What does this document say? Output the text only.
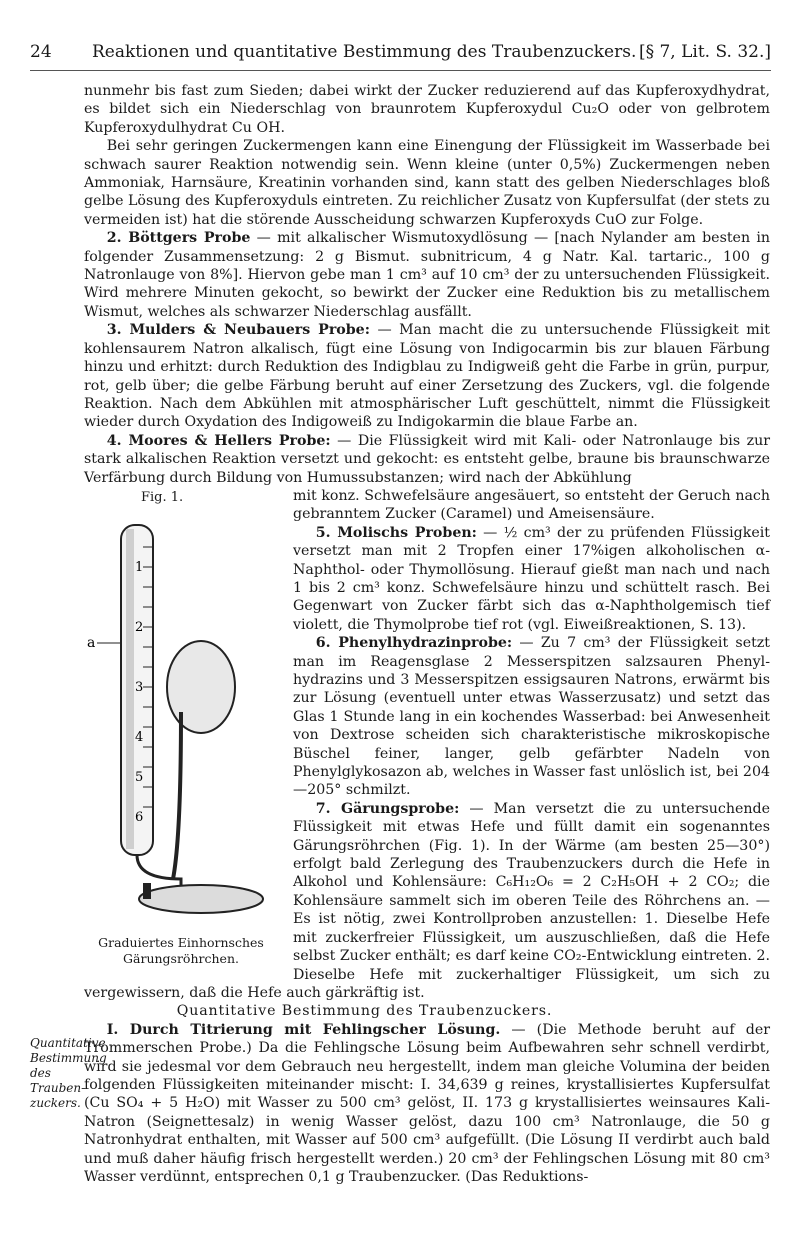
24 Reaktionen und quantitative Bestimmung des Traubenzuckers. [§ 7, Lit. S. 32.]

nunmehr bis fast zum Sieden; dabei wirkt der Zucker reduzierend auf das Kupferoxydhydrat, es bildet sich ein Niederschlag von braunrotem Kupferoxydul Cu₂O oder von gelbrotem Kupferoxydulhydrat Cu OH.

Bei sehr geringen Zuckermengen kann eine Einengung der Flüssigkeit im Wasserbade bei schwach saurer Reaktion notwendig sein. Wenn kleine (unter 0,5%) Zuckermengen neben Ammoniak, Harnsäure, Kreatinin vorhanden sind, kann statt des gelben Niederschlages bloß gelbe Lösung des Kupferoxyduls eintreten. Zu reichlicher Zusatz von Kupfersulfat (der stets zu vermeiden ist) hat die störende Ausscheidung schwarzen Kupferoxyds CuO zur Folge.

2. Böttgers Probe — mit alkalischer Wismutoxydlösung — [nach Nylander am besten in folgender Zusammensetzung: 2 g Bismut. subnitricum, 4 g Natr. Kal. tartaric., 100 g Natronlauge von 8%]. Hiervon gebe man 1 cm³ auf 10 cm³ der zu untersuchenden Flüssigkeit. Wird mehrere Minuten gekocht, so bewirkt der Zucker eine Reduktion bis zu metallischem Wismut, welches als schwarzer Niederschlag ausfällt.

3. Mulders & Neubauers Probe: — Man macht die zu untersuchende Flüssigkeit mit kohlensaurem Natron alkalisch, fügt eine Lösung von Indigocarmin bis zur blauen Färbung hinzu und erhitzt: durch Reduktion des Indigblau zu Indigweiß geht die Farbe in grün, purpur, rot, gelb über; die gelbe Färbung beruht auf einer Zersetzung des Zuckers, vgl. die folgende Reaktion. Nach dem Abkühlen mit atmosphärischer Luft geschüttelt, nimmt die Flüssigkeit wieder durch Oxydation des Indigoweiß zu Indigokarmin die blaue Farbe an.

4. Moores & Hellers Probe: — Die Flüssigkeit wird mit Kali- oder Natronlauge bis zur stark alkalischen Reaktion versetzt und gekocht: es entsteht gelbe, braune bis braunschwarze Verfärbung durch Bildung von Humussubstanzen; wird nach der Abkühlung

Fig. 1.
1
2
3
4
5
6
a
Graduiertes Einhornsches
Gärungsröhrchen.

mit konz. Schwefelsäure angesäuert, so entsteht der Geruch nach gebranntem Zucker (Caramel) und Ameisensäure.

5. Molischs Proben: — ½ cm³ der zu prüfenden Flüssigkeit versetzt man mit 2 Tropfen einer 17%igen alkoholischen α-Naphthol- oder Thymollösung. Hierauf gießt man nach und nach 1 bis 2 cm³ konz. Schwefelsäure hinzu und schüttelt rasch. Bei Gegenwart von Zucker färbt sich das α-Naphtholgemisch tief violett, die Thymolprobe tief rot (vgl. Eiweißreaktionen, S. 13).

6. Phenylhydrazinprobe: — Zu 7 cm³ der Flüssigkeit setzt man im Reagensglase 2 Messerspitzen salzsauren Phenylhydrazins und 3 Messerspitzen essigsauren Natrons, erwärmt bis zur Lösung (eventuell unter etwas Wasserzusatz) und setzt das Glas 1 Stunde lang in ein kochendes Wasserbad: bei Anwesenheit von Dextrose scheiden sich charakteristische mikroskopische Büschel feiner, langer, gelb gefärbter Nadeln von Phenylglykosazon ab, welches in Wasser fast unlöslich ist, bei 204—205° schmilzt.

7. Gärungsprobe: — Man versetzt die zu untersuchende Flüssigkeit mit etwas Hefe und füllt damit ein sogenanntes Gärungsröhrchen (Fig. 1). In der Wärme (am besten 25—30°) erfolgt bald Zerlegung des Traubenzuckers durch die Hefe in Alkohol und Kohlensäure: C₆H₁₂O₆ = 2 C₂H₅OH + 2 CO₂; die Kohlensäure sammelt sich im oberen Teile des Röhrchens an. — Es ist nötig, zwei Kontrollproben anzustellen: 1. Dieselbe Hefe mit zuckerfreier Flüssigkeit, um auszuschließen, daß die Hefe selbst Zucker enthält; es darf keine CO₂-Entwicklung eintreten. 2. Dieselbe Hefe mit zuckerhaltiger Flüssigkeit, um sich zu vergewissern, daß die Hefe auch gärkräftig ist.

Quantitative Bestimmung des Traubenzuckers.

I. Durch Titrierung mit Fehlingscher Lösung. — (Die Methode beruht auf der Trommerschen Probe.) Da die Fehlingsche Lösung beim Aufbewahren sehr schnell verdirbt, wird sie jedesmal vor dem Gebrauch neu hergestellt, indem man gleiche Volumina der beiden folgenden Flüssigkeiten miteinander mischt: I. 34,639 g reines, krystallisiertes Kupfersulfat (Cu SO₄ + 5 H₂O) mit Wasser zu 500 cm³ gelöst, II. 173 g krystallisiertes weinsaures Kali-Natron (Seignettesalz) in wenig Wasser gelöst, dazu 100 cm³ Natronlauge, die 50 g Natronhydrat enthalten, mit Wasser auf 500 cm³ aufgefüllt. (Die Lösung II verdirbt auch bald und muß daher häufig frisch hergestellt werden.) 20 cm³ der Fehlingschen Lösung mit 80 cm³ Wasser verdünnt, entsprechen 0,1 g Traubenzucker. (Das Reduktions-

Quantitative Bestimmung des Traubenzuckers.
